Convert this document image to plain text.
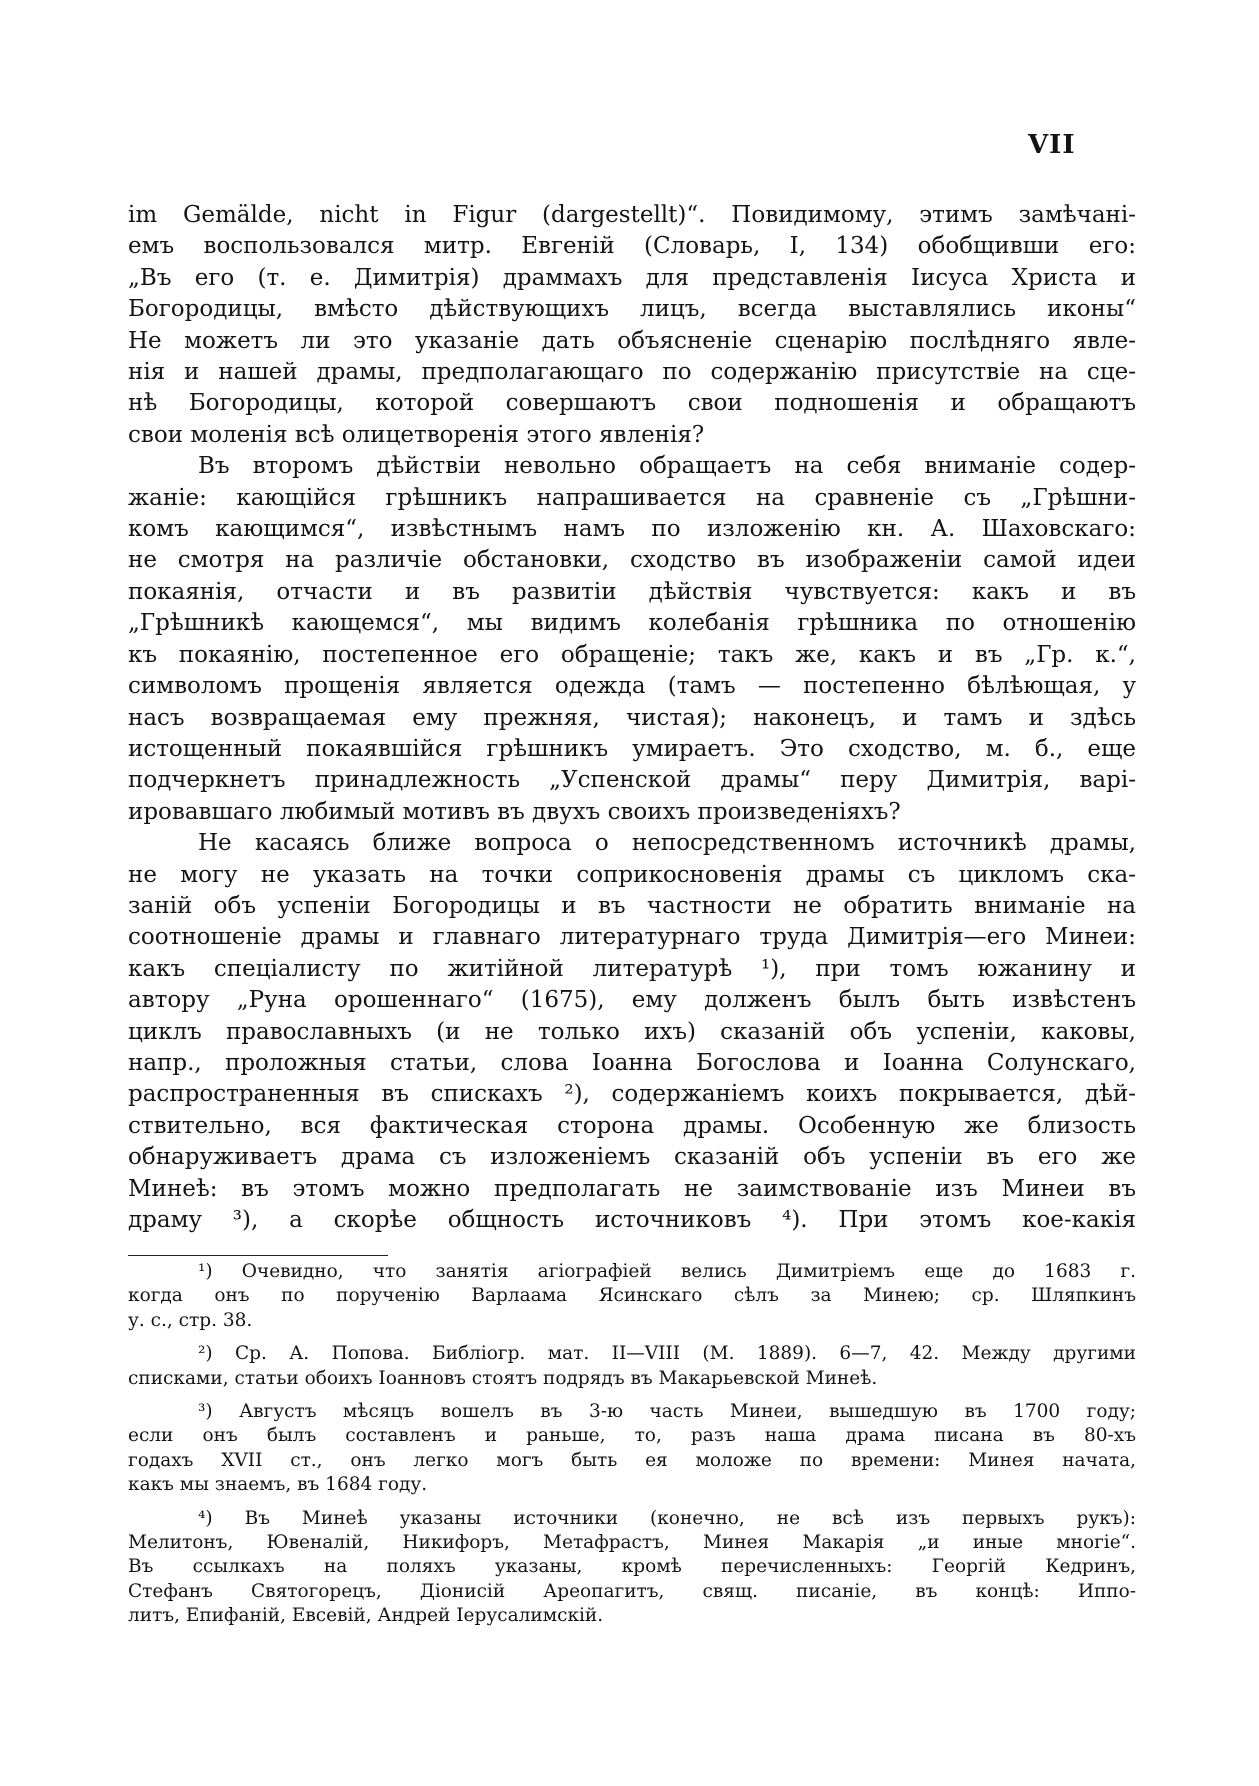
VII
im Gemälde, nicht in Figur (dargestellt)“. Повидимому, этимъ замѣчані-
емъ воспользовался митр. Евгеній (Словарь, I, 134) обобщивши его:
„Въ его (т. е. Димитрія) драммахъ для представленія Іисуса Христа и
Богородицы, вмѣсто дѣйствующихъ лицъ, всегда выставлялись иконы“
Не можетъ ли это указаніе дать объясненіе сценарію послѣдняго явле-
нія и нашей драмы, предполагающаго по содержанію присутствіе на сце-
нѣ Богородицы, которой совершаютъ свои подношенія и обращаютъ
свои моленія всѣ олицетворенія этого явленія?
Въ второмъ дѣйствіи невольно обращаетъ на себя вниманіе содер-
жаніе: кающійся грѣшникъ напрашивается на сравненіе съ „Грѣшни-
комъ кающимся“, извѣстнымъ намъ по изложенію кн. А. Шаховскаго:
не смотря на различіе обстановки, сходство въ изображеніи самой идеи
покаянія, отчасти и въ развитіи дѣйствія чувствуется: какъ и въ
„Грѣшникѣ кающемся“, мы видимъ колебанія грѣшника по отношенію
къ покаянію, постепенное его обращеніе; такъ же, какъ и въ „Гр. к.“,
символомъ прощенія является одежда (тамъ — постепенно бѣлѣющая, у
насъ возвращаемая ему прежняя, чистая); наконецъ, и тамъ и здѣсь
истощенный покаявшійся грѣшникъ умираетъ. Это сходство, м. б., еще
подчеркнетъ принадлежность „Успенской драмы“ перу Димитрія, варі-
ировавшаго любимый мотивъ въ двухъ своихъ произведеніяхъ?
Не касаясь ближе вопроса о непосредственномъ источникѣ драмы,
не могу не указать на точки соприкосновенія драмы съ цикломъ ска-
заній объ успеніи Богородицы и въ частности не обратить вниманіе на
соотношеніе драмы и главнаго литературнаго труда Димитрія—его Минеи:
какъ спеціалисту по житійной литературѣ ¹), при томъ южанину и
автору „Руна орошеннаго“ (1675), ему долженъ былъ быть извѣстенъ
циклъ православныхъ (и не только ихъ) сказаній объ успеніи, каковы,
напр., проложныя статьи, слова Іоанна Богослова и Іоанна Солунскаго,
распространенныя въ спискахъ ²), содержаніемъ коихъ покрывается, дѣй-
ствительно, вся фактическая сторона драмы. Особенную же близость
обнаруживаетъ драма съ изложеніемъ сказаній объ успеніи въ его же
Минеѣ: въ этомъ можно предполагать не заимствованіе изъ Минеи въ
драму ³), а скорѣе общность источниковъ ⁴). При этомъ кое-какія
¹) Очевидно, что занятія агіографіей велись Димитріемъ еще до 1683 г.
когда онъ по порученію Варлаама Ясинскаго сѣлъ за Минею; ср. Шляпкинъ
у. с., стр. 38.
²) Ср. А. Попова. Библіогр. мат. II—VIII (М. 1889). 6—7, 42. Между другими
списками, статьи обоихъ Іоанновъ стоятъ подрядъ въ Макарьевской Минеѣ.
³) Августъ мѣсяцъ вошелъ въ 3-ю часть Минеи, вышедшую въ 1700 году;
если онъ былъ составленъ и раньше, то, разъ наша драма писана въ 80-хъ
годахъ XVII ст., онъ легко могъ быть ея моложе по времени: Минея начата,
какъ мы знаемъ, въ 1684 году.
⁴) Въ Минеѣ указаны источники (конечно, не всѣ изъ первыхъ рукъ):
Мелитонъ, Ювеналій, Никифоръ, Метафрастъ, Минея Макарія „и иные многіе“.
Въ ссылкахъ на поляхъ указаны, кромѣ перечисленныхъ: Георгій Кедринъ,
Стефанъ Святогорецъ, Діонисій Ареопагитъ, свящ. писаніе, въ концѣ: Иппо-
литъ, Епифаній, Евсевій, Андрей Іерусалимскій.
